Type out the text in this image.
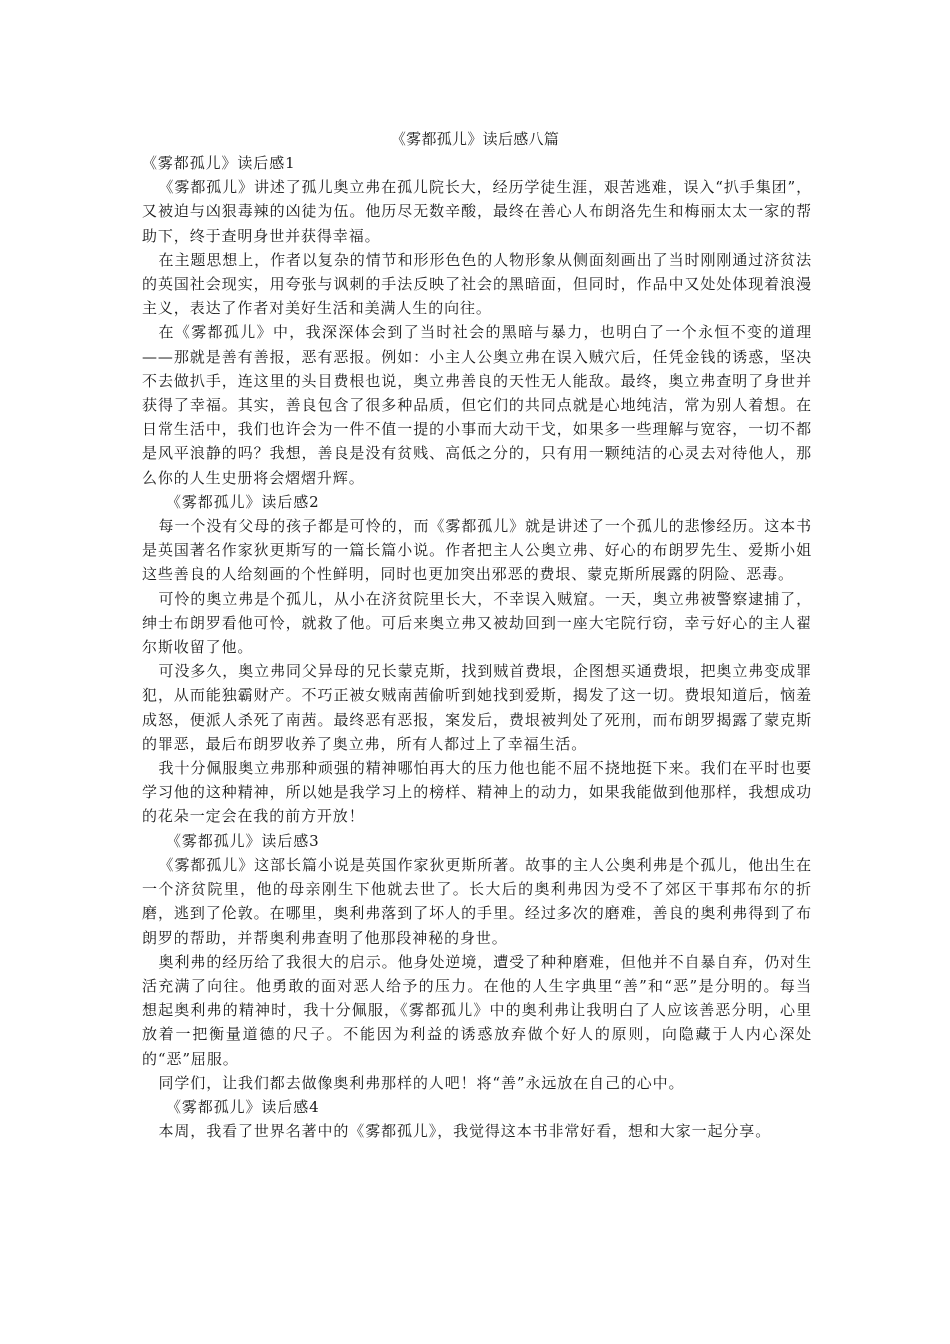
《雾都孤儿》读后感八篇

《雾都孤儿》读后感1

《雾都孤儿》讲述了孤儿奥立弗在孤儿院长大，经历学徒生涯，艰苦逃难，误入“扒手集团”，又被迫与凶狠毒辣的凶徒为伍。他历尽无数辛酸，最终在善心人布朗洛先生和梅丽太太一家的帮助下，终于查明身世并获得幸福。

在主题思想上，作者以复杂的情节和形形色色的人物形象从侧面刻画出了当时刚刚通过济贫法的英国社会现实，用夸张与讽刺的手法反映了社会的黑暗面，但同时，作品中又处处体现着浪漫主义，表达了作者对美好生活和美满人生的向往。

在《雾都孤儿》中，我深深体会到了当时社会的黑暗与暴力，也明白了一个永恒不变的道理——那就是善有善报，恶有恶报。例如：小主人公奥立弗在误入贼穴后，任凭金钱的诱惑，坚决不去做扒手，连这里的头目费根也说，奥立弗善良的天性无人能敌。最终，奥立弗查明了身世并获得了幸福。其实，善良包含了很多种品质，但它们的共同点就是心地纯洁，常为别人着想。在日常生活中，我们也许会为一件不值一提的小事而大动干戈，如果多一些理解与宽容，一切不都是风平浪静的吗？我想，善良是没有贫贱、高低之分的，只有用一颗纯洁的心灵去对待他人，那么你的人生史册将会熠熠升辉。

《雾都孤儿》读后感2

每一个没有父母的孩子都是可怜的，而《雾都孤儿》就是讲述了一个孤儿的悲惨经历。这本书是英国著名作家狄更斯写的一篇长篇小说。作者把主人公奥立弗、好心的布朗罗先生、爱斯小姐这些善良的人给刻画的个性鲜明，同时也更加突出邪恶的费垠、蒙克斯所展露的阴险、恶毒。

可怜的奥立弗是个孤儿，从小在济贫院里长大，不幸误入贼窟。一天，奥立弗被警察逮捕了，绅士布朗罗看他可怜，就救了他。可后来奥立弗又被劫回到一座大宅院行窃，幸亏好心的主人翟尔斯收留了他。

可没多久，奥立弗同父异母的兄长蒙克斯，找到贼首费垠，企图想买通费垠，把奥立弗变成罪犯，从而能独霸财产。不巧正被女贼南茜偷听到她找到爱斯，揭发了这一切。费垠知道后，恼羞成怒，便派人杀死了南茜。最终恶有恶报，案发后，费垠被判处了死刑，而布朗罗揭露了蒙克斯的罪恶，最后布朗罗收养了奥立弗，所有人都过上了幸福生活。

我十分佩服奥立弗那种顽强的精神哪怕再大的压力他也能不屈不挠地挺下来。我们在平时也要学习他的这种精神，所以她是我学习上的榜样、精神上的动力，如果我能做到他那样，我想成功的花朵一定会在我的前方开放！

《雾都孤儿》读后感3

《雾都孤儿》这部长篇小说是英国作家狄更斯所著。故事的主人公奥利弗是个孤儿，他出生在一个济贫院里，他的母亲刚生下他就去世了。长大后的奥利弗因为受不了郊区干事邦布尔的折磨，逃到了伦敦。在哪里，奥利弗落到了坏人的手里。经过多次的磨难，善良的奥利弗得到了布朗罗的帮助，并帮奥利弗查明了他那段神秘的身世。

奥利弗的经历给了我很大的启示。他身处逆境，遭受了种种磨难，但他并不自暴自弃，仍对生活充满了向往。他勇敢的面对恶人给予的压力。在他的人生字典里“善”和“恶”是分明的。每当想起奥利弗的精神时，我十分佩服，《雾都孤儿》中的奥利弗让我明白了人应该善恶分明，心里放着一把衡量道德的尺子。不能因为利益的诱惑放弃做个好人的原则，向隐藏于人内心深处的“恶”屈服。

同学们，让我们都去做像奥利弗那样的人吧！将“善”永远放在自己的心中。

《雾都孤儿》读后感4

本周，我看了世界名著中的《雾都孤儿》，我觉得这本书非常好看，想和大家一起分享。
